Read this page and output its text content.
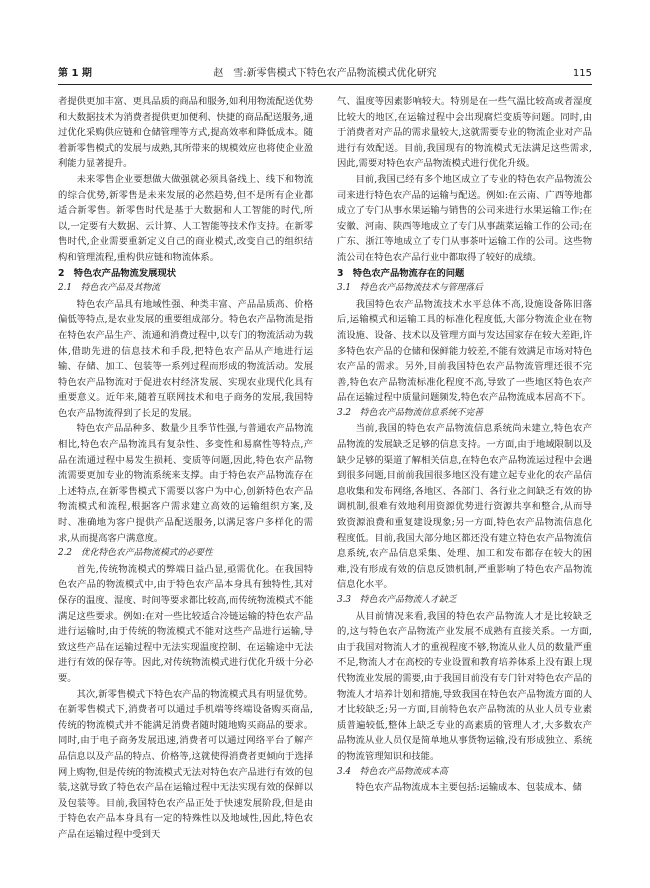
第 1 期	赵　雪:新零售模式下特色农产品物流模式优化研究	115

者提供更加丰富、更具品质的商品和服务,如利用物流配送优势和大数据技术为消费者提供更加便利、快捷的商品配送服务,通过优化采购供应链和仓储管理等方式,提高效率和降低成本。随着新零售模式的发展与成熟,其所带来的规模效应也将使企业盈利能力显著提升。

未来零售企业要想做大做强就必须具备线上、线下和物流的综合优势,新零售是未来发展的必然趋势,但不是所有企业都适合新零售。新零售时代是基于大数据和人工智能的时代,所以,一定要有大数据、云计算、人工智能等技术作支持。在新零售时代,企业需要重新定义自己的商业模式,改变自己的组织结构和管理流程,重构供应链和物流体系。

2　特色农产品物流发展现状
2.1　特色农产品及其物流

特色农产品具有地域性强、种类丰富、产品品质高、价格偏低等特点,是农业发展的重要组成部分。特色农产品物流是指在特色农产品生产、流通和消费过程中,以专门的物流活动为载体,借助先进的信息技术和手段,把特色农产品从产地进行运输、存储、加工、包装等一系列过程而形成的物流活动。发展特色农产品物流对于促进农村经济发展、实现农业现代化具有重要意义。近年来,随着互联网技术和电子商务的发展,我国特色农产品物流得到了长足的发展。

特色农产品品种多、数量少且季节性强,与普通农产品物流相比,特色农产品物流具有复杂性、多变性和易腐性等特点,产品在流通过程中易发生损耗、变质等问题,因此,特色农产品物流需要更加专业的物流系统来支撑。由于特色农产品物流存在上述特点,在新零售模式下需要以客户为中心,创新特色农产品物流模式和流程,根据客户需求建立高效的运输组织方案,及时、准确地为客户提供产品配送服务,以满足客户多样化的需求,从而提高客户满意度。

2.2　优化特色农产品物流模式的必要性

首先,传统物流模式的弊端日益凸显,亟需优化。在我国特色农产品的物流模式中,由于特色农产品本身具有独特性,其对保存的温度、湿度、时间等要求都比较高,而传统物流模式不能满足这些要求。例如:在对一些比较适合冷链运输的特色农产品进行运输时,由于传统的物流模式不能对这些产品进行运输,导致这些产品在运输过程中无法实现温度控制、在运输途中无法进行有效的保存等。因此,对传统物流模式进行优化升级十分必要。

其次,新零售模式下特色农产品的物流模式具有明显优势。在新零售模式下,消费者可以通过手机端等终端设备购买商品,传统的物流模式并不能满足消费者随时随地购买商品的要求。同时,由于电子商务发展迅速,消费者可以通过网络平台了解产品信息以及产品的特点、价格等,这就使得消费者更倾向于选择网上购物,但是传统的物流模式无法对特色农产品进行有效的包装,这就导致了特色农产品在运输过程中无法实现有效的保鲜以及包装等。目前,我国特色农产品正处于快速发展阶段,但是由于特色农产品本身具有一定的特殊性以及地域性,因此,特色农产品在运输过程中受到天

气、温度等因素影响较大。特别是在一些气温比较高或者湿度比较大的地区,在运输过程中会出现腐烂变质等问题。同时,由于消费者对产品的需求量较大,这就需要专业的物流企业对产品进行有效配送。目前,我国现有的物流模式无法满足这些需求,因此,需要对特色农产品物流模式进行优化升级。

目前,我国已经有多个地区成立了专业的特色农产品物流公司来进行特色农产品的运输与配送。例如:在云南、广西等地都成立了专门从事水果运输与销售的公司来进行水果运输工作;在安徽、河南、陕西等地成立了专门从事蔬菜运输工作的公司;在广东、浙江等地成立了专门从事茶叶运输工作的公司。这些物流公司在特色农产品行业中都取得了较好的成绩。

3　特色农产品物流存在的问题
3.1　特色农产品物流技术与管理落后

我国特色农产品物流技术水平总体不高,设施设备陈旧落后,运输模式和运输工具的标准化程度低,大部分物流企业在物流设施、设备、技术以及管理方面与发达国家存在较大差距,许多特色农产品的仓储和保鲜能力较差,不能有效满足市场对特色农产品的需求。另外,目前我国特色农产品物流管理还很不完善,特色农产品物流标准化程度不高,导致了一些地区特色农产品在运输过程中质量问题频发,特色农产品物流成本居高不下。

3.2　特色农产品物流信息系统不完善

当前,我国的特色农产品物流信息系统尚未建立,特色农产品物流的发展缺乏足够的信息支持。一方面,由于地域限制以及缺少足够的渠道了解相关信息,在特色农产品物流运过程中会遇到很多问题,目前前我国很多地区没有建立起专业化的农产品信息收集和发布网络,各地区、各部门、各行业之间缺乏有效的协调机制,很难有效地利用资源优势进行资源共享和整合,从而导致资源浪费和重复建设现象;另一方面,特色农产品物流信息化程度低。目前,我国大部分地区都还没有建立特色农产品物流信息系统,农产品信息采集、处理、加工和发布都存在较大的困难,没有形成有效的信息反馈机制,严重影响了特色农产品物流信息化水平。

3.3　特色农产品物流人才缺乏

从目前情况来看,我国的特色农产品物流人才是比较缺乏的,这与特色农产品物流产业发展不成熟有直接关系。一方面,由于我国对物流人才的重视程度不够,物流从业人员的数量严重不足,物流人才在高校的专业设置和教育培养体系上没有跟上现代物流业发展的需要,由于我国目前没有专门针对特色农产品的物流人才培养计划和措施,导致我国在特色农产品物流方面的人才比较缺乏;另一方面,目前特色农产品物流的从业人员专业素质普遍较低,整体上缺乏专业的高素质的管理人才,大多数农产品物流从业人员仅是简单地从事货物运输,没有形成独立、系统的物流管理知识和技能。

3.4　特色农产品物流成本高

特色农产品物流成本主要包括:运输成本、包装成本、储
